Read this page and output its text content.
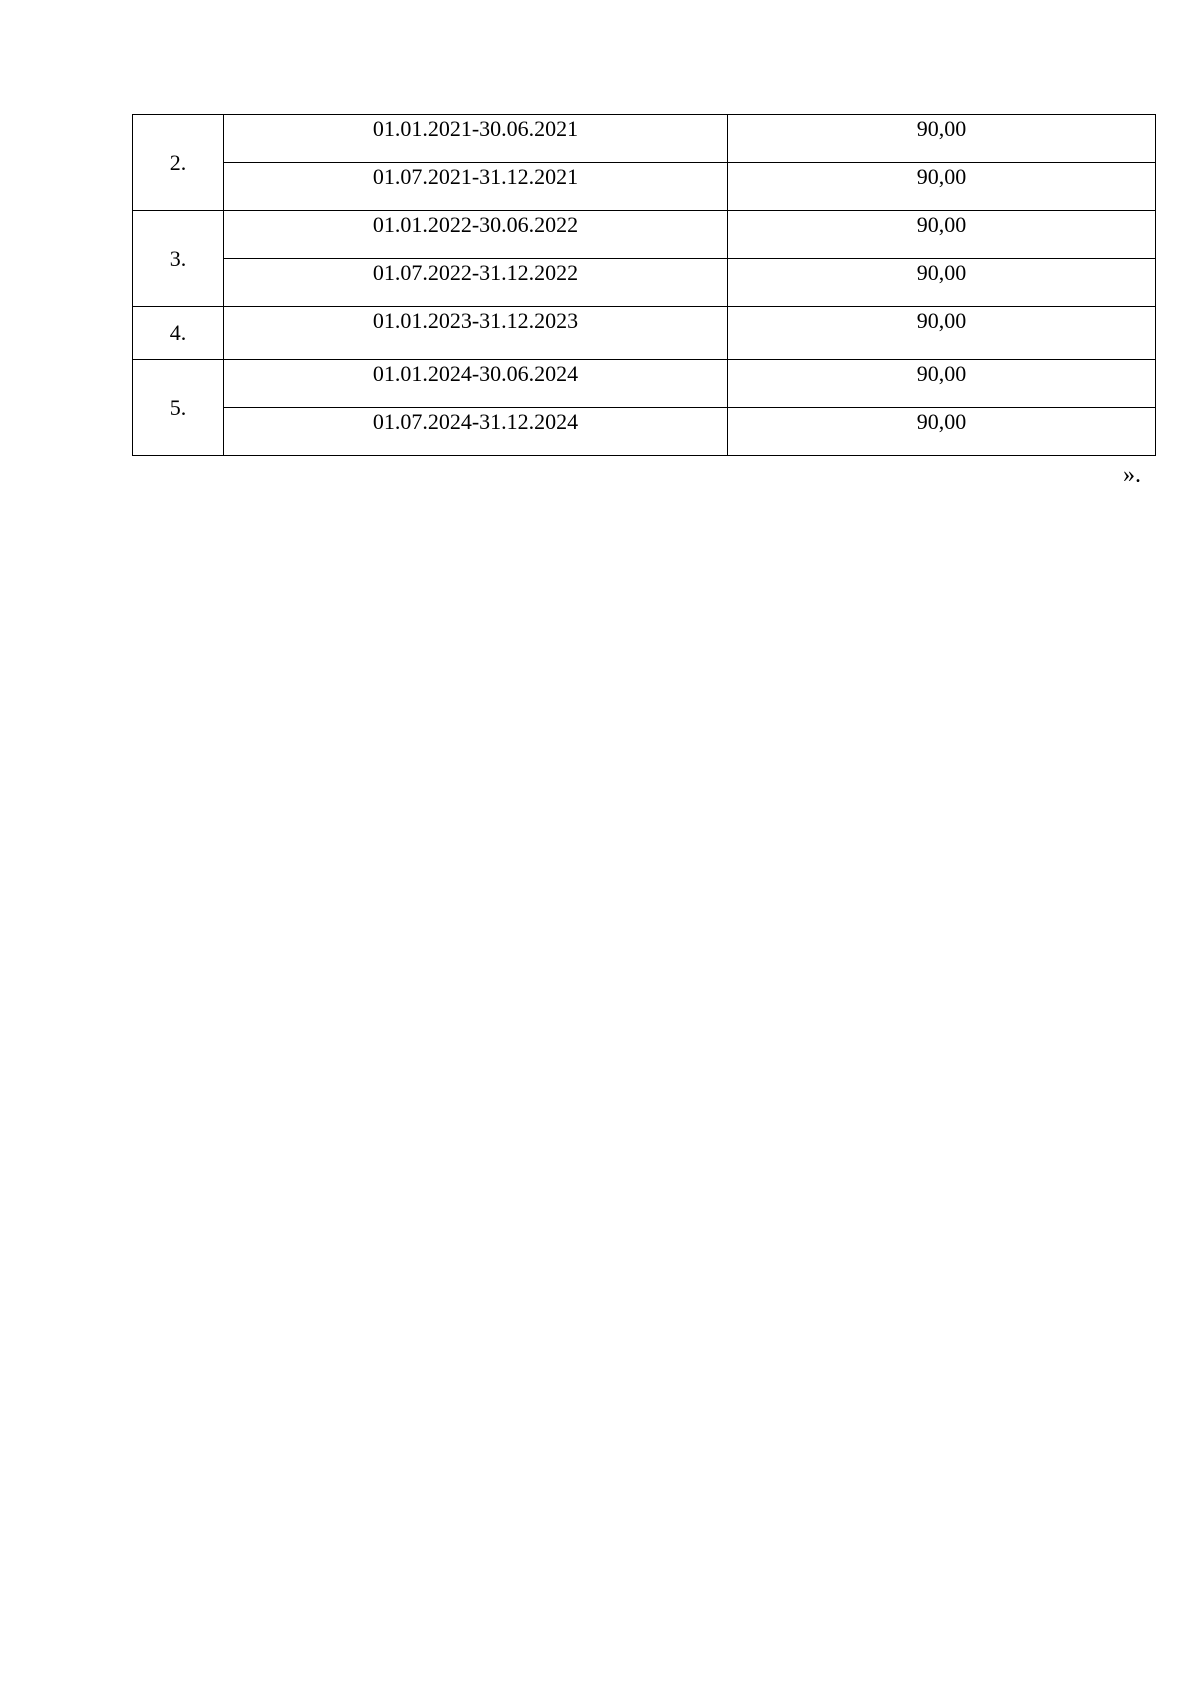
2.	01.01.2021-30.06.2021	90,00

	01.07.2021-31.12.2021	90,00

3.	01.01.2022-30.06.2022	90,00

	01.07.2022-31.12.2022	90,00

4.	01.01.2023-31.12.2023	90,00

5.	01.01.2024-30.06.2024	90,00

	01.07.2024-31.12.2024	90,00
».
